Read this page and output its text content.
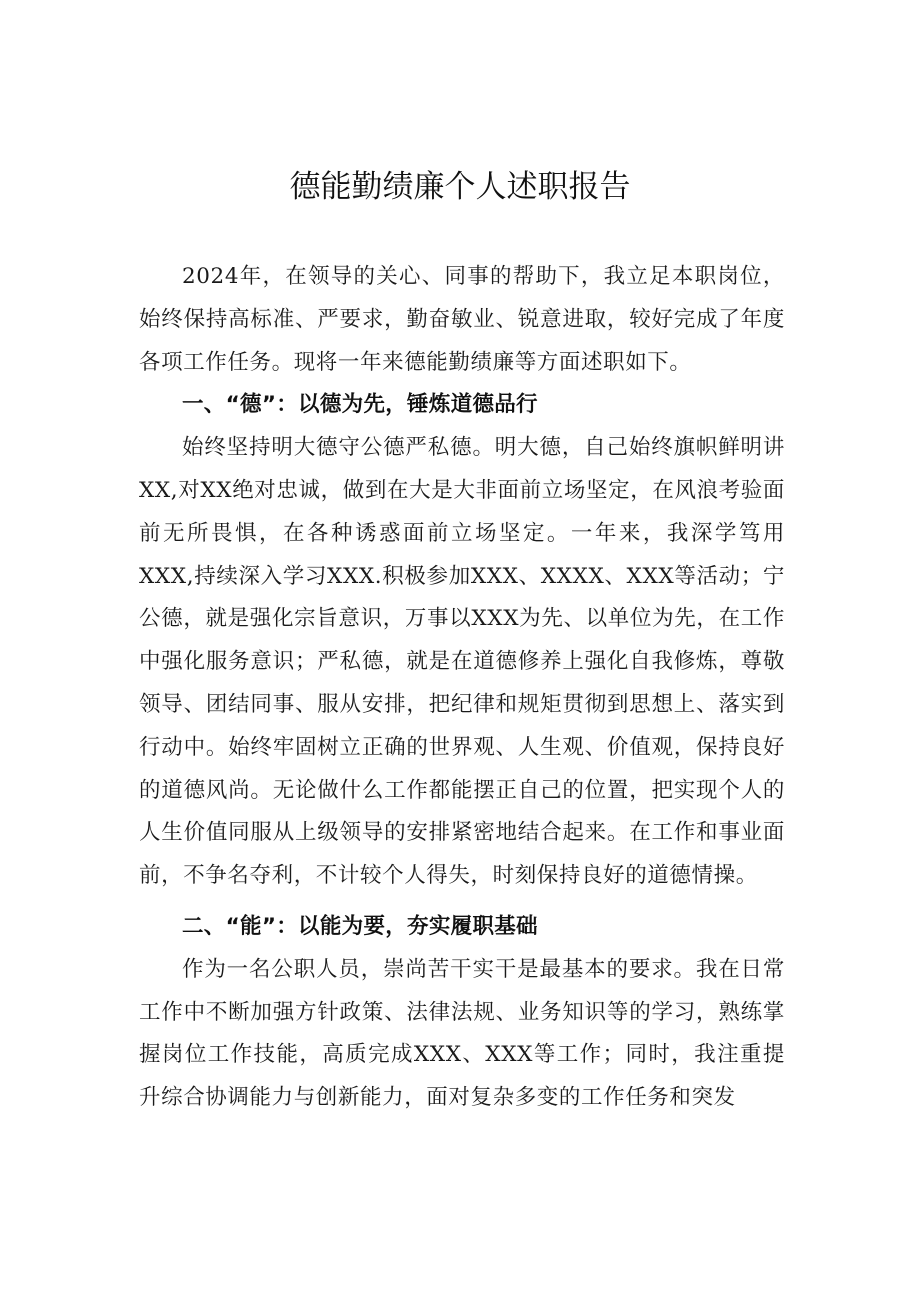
德能勤绩廉个人述职报告

2024年，在领导的关心、同事的帮助下，我立足本职岗位，始终保持高标准、严要求，勤奋敏业、锐意进取，较好完成了年度各项工作任务。现将一年来德能勤绩廉等方面述职如下。

一、“德”：以德为先，锤炼道德品行

始终坚持明大德守公德严私德。明大德，自己始终旗帜鲜明讲XX,对XX绝对忠诚，做到在大是大非面前立场坚定，在风浪考验面前无所畏惧，在各种诱惑面前立场坚定。一年来，我深学笃用XXX,持续深入学习XXX.积极参加XXX、XXXX、XXX等活动；宁公德，就是强化宗旨意识，万事以XXX为先、以单位为先，在工作中强化服务意识；严私德，就是在道德修养上强化自我修炼，尊敬领导、团结同事、服从安排，把纪律和规矩贯彻到思想上、落实到行动中。始终牢固树立正确的世界观、人生观、价值观，保持良好的道德风尚。无论做什么工作都能摆正自己的位置，把实现个人的人生价值同服从上级领导的安排紧密地结合起来。在工作和事业面前，不争名夺利，不计较个人得失，时刻保持良好的道德情操。

二、“能”：以能为要，夯实履职基础

作为一名公职人员，崇尚苦干实干是最基本的要求。我在日常工作中不断加强方针政策、法律法规、业务知识等的学习，熟练掌握岗位工作技能，高质完成XXX、XXX等工作；同时，我注重提升综合协调能力与创新能力，面对复杂多变的工作任务和突发
